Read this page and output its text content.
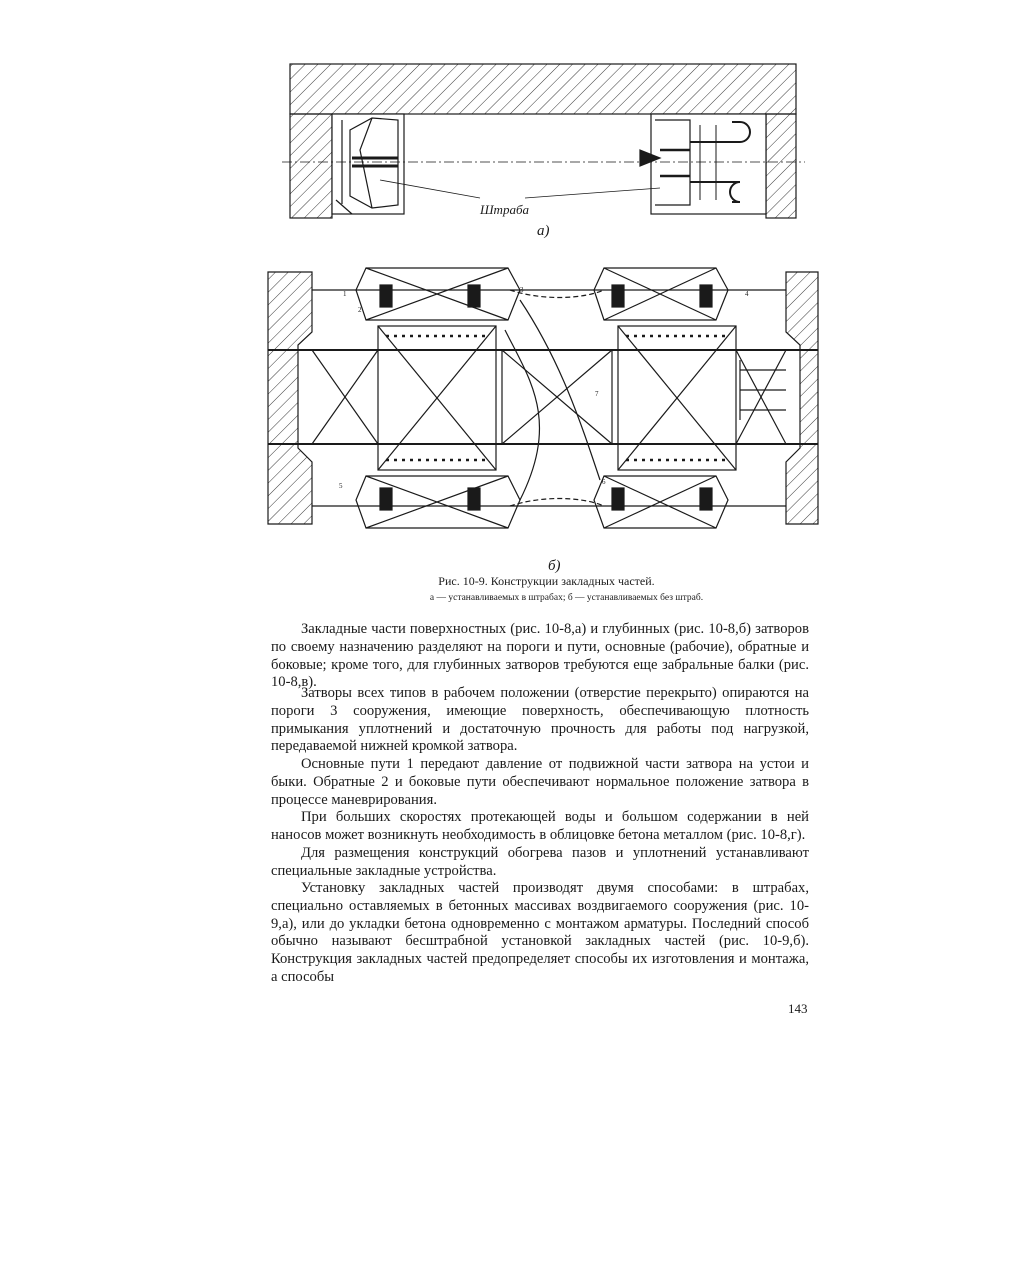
Штраба
а)
б)
1
2
3	4
5	6
7
Рис. 10-9. Конструкции закладных частей.
а — устанавливаемых в штрабах; б — устанавливаемых без штраб.

Закладные части поверхностных (рис. 10-8,а) и глубинных (рис. 10-8,б) затворов по своему назначению разделяют на пороги и пути, основные (рабочие), обратные и боковые; кроме того, для глубинных затворов требуются еще забральные балки (рис. 10-8,в).

Затворы всех типов в рабочем положении (отверстие перекрыто) опираются на пороги 3 сооружения, имеющие поверхность, обеспечивающую плотность примыкания уплотнений и достаточную прочность для работы под нагрузкой, передаваемой нижней кромкой затвора.

Основные пути 1 передают давление от подвижной части затвора на устои и быки. Обратные 2 и боковые пути обеспечивают нормальное положение затвора в процессе маневрирования.

При больших скоростях протекающей воды и большом содержании в ней наносов может возникнуть необходимость в облицовке бетона металлом (рис. 10-8,г).

Для размещения конструкций обогрева пазов и уплотнений устанавливают специальные закладные устройства.

Установку закладных частей производят двумя способами: в штрабах, специально оставляемых в бетонных массивах воздвигаемого сооружения (рис. 10-9,а), или до укладки бетона одновременно с монтажом арматуры. Последний способ обычно называют бесштрабной установкой закладных частей (рис. 10-9,б). Конструкция закладных частей предопределяет способы их изготовления и монтажа, а способы

143
